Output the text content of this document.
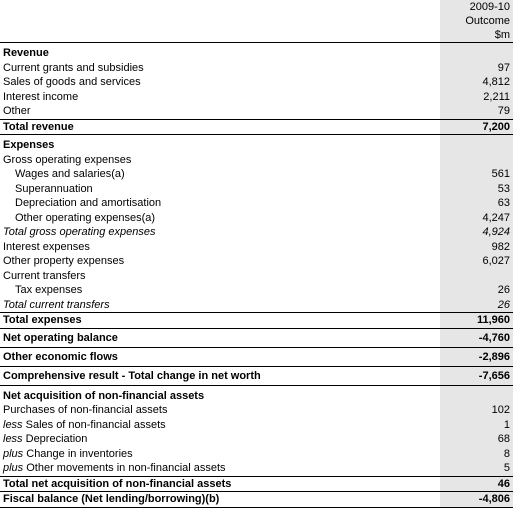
	2009-10
	Outcome
	$m
Revenue	
Current grants and subsidies	97
Sales of goods and services	4,812
Interest income	2,211
Other	79
Total revenue	7,200
Expenses	
Gross operating expenses	
Wages and salaries(a)	561
Superannuation	53
Depreciation and amortisation	63
Other operating expenses(a)	4,247
Total gross operating expenses	4,924
Interest expenses	982
Other property expenses	6,027
Current transfers	
Tax expenses	26
Total current transfers	26
Total expenses	11,960
Net operating balance	-4,760
Other economic flows	-2,896
Comprehensive result - Total change in net worth	-7,656
Net acquisition of non-financial assets	
Purchases of non-financial assets	102
less Sales of non-financial assets	1
less Depreciation	68
plus Change in inventories	8
plus Other movements in non-financial assets	5
Total net acquisition of non-financial assets	46
Fiscal balance (Net lending/borrowing)(b)	-4,806
